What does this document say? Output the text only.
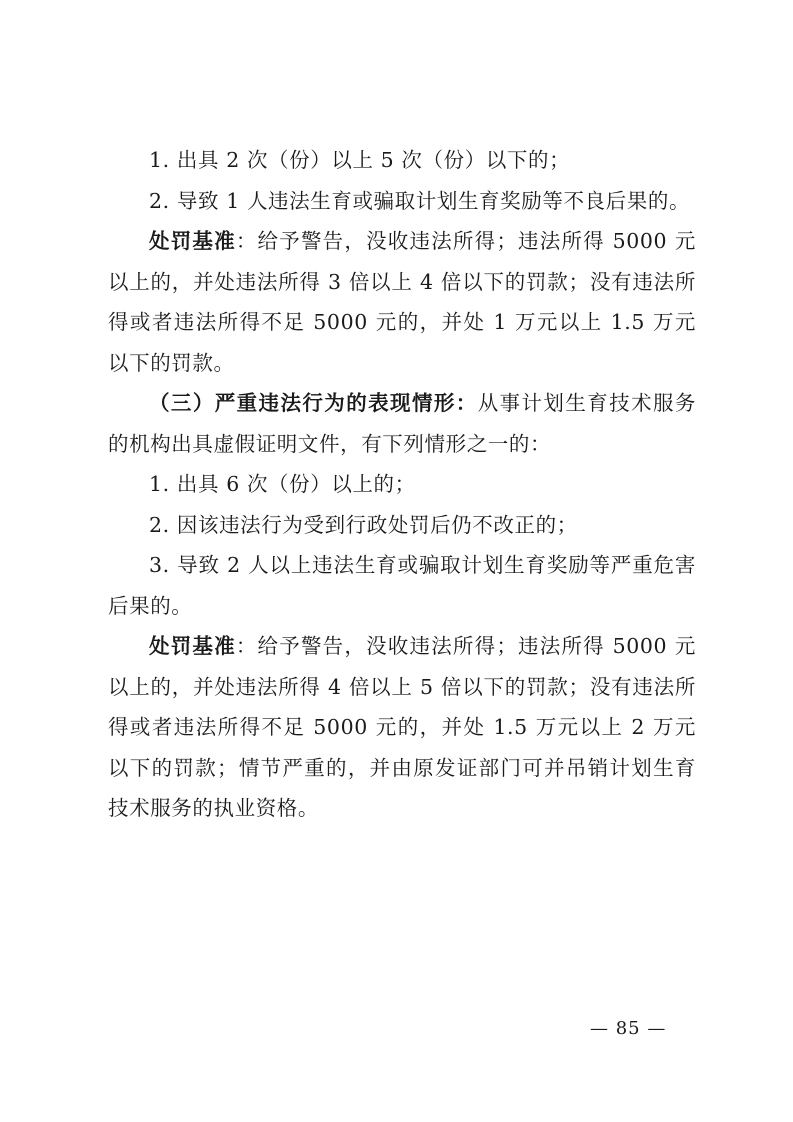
1. 出具 2 次（份）以上 5 次（份）以下的；

2. 导致 1 人违法生育或骗取计划生育奖励等不良后果的。

处罚基准：给予警告，没收违法所得；违法所得 5000 元以上的，并处违法所得 3 倍以上 4 倍以下的罚款；没有违法所得或者违法所得不足 5000 元的，并处 1 万元以上 1.5 万元以下的罚款。

（三）严重违法行为的表现情形：从事计划生育技术服务的机构出具虚假证明文件，有下列情形之一的：

1. 出具 6 次（份）以上的；

2. 因该违法行为受到行政处罚后仍不改正的；

3. 导致 2 人以上违法生育或骗取计划生育奖励等严重危害后果的。

处罚基准：给予警告，没收违法所得；违法所得 5000 元以上的，并处违法所得 4 倍以上 5 倍以下的罚款；没有违法所得或者违法所得不足 5000 元的，并处 1.5 万元以上 2 万元以下的罚款；情节严重的，并由原发证部门可并吊销计划生育技术服务的执业资格。

— 85 —
